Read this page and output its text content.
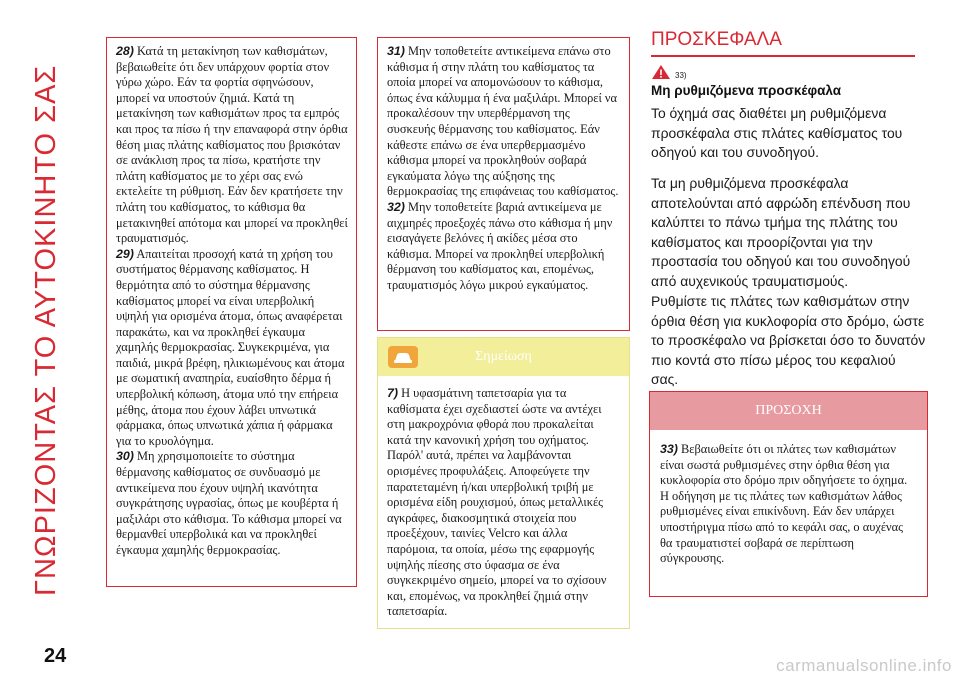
ΓΝΩΡΙΖΟΝΤΑΣ ΤΟ ΑΥΤΟΚΙΝΗΤΟ ΣΑΣ

28) Κατά τη μετακίνηση των καθισμάτων, βεβαιωθείτε ότι δεν υπάρχουν φορτία στον γύρω χώρο. Εάν τα φορτία σφηνώσουν, μπορεί να υποστούν ζημιά. Κατά τη μετακίνηση των καθισμάτων προς τα εμπρός και προς τα πίσω ή την επαναφορά στην όρθια θέση μιας πλάτης καθίσματος που βρισκόταν σε ανάκλιση προς τα πίσω, κρατήστε την πλάτη καθίσματος με το χέρι σας ενώ εκτελείτε τη ρύθμιση. Εάν δεν κρατήσετε την πλάτη του καθίσματος, το κάθισμα θα μετακινηθεί απότομα και μπορεί να προκληθεί τραυματισμός.

29) Απαιτείται προσοχή κατά τη χρήση του συστήματος θέρμανσης καθίσματος. Η θερμότητα από το σύστημα θέρμανσης καθίσματος μπορεί να είναι υπερβολική υψηλή για ορισμένα άτομα, όπως αναφέρεται παρακάτω, και να προκληθεί έγκαυμα χαμηλής θερμοκρασίας. Συγκεκριμένα, για παιδιά, μικρά βρέφη, ηλικιωμένους και άτομα με σωματική αναπηρία, ευαίσθητο δέρμα ή υπερβολική κόπωση, άτομα υπό την επήρεια μέθης, άτομα που έχουν λάβει υπνωτικά φάρμακα, όπως υπνωτικά χάπια ή φάρμακα για το κρυολόγημα.

30) Μη χρησιμοποιείτε το σύστημα θέρμανσης καθίσματος σε συνδυασμό με αντικείμενα που έχουν υψηλή ικανότητα συγκράτησης υγρασίας, όπως με κουβέρτα ή μαξιλάρι στο κάθισμα. Το κάθισμα μπορεί να θερμανθεί υπερβολικά και να προκληθεί έγκαυμα χαμηλής θερμοκρασίας.

31) Μην τοποθετείτε αντικείμενα επάνω στο κάθισμα ή στην πλάτη του καθίσματος τα οποία μπορεί να απομονώσουν το κάθισμα, όπως ένα κάλυμμα ή ένα μαξιλάρι. Μπορεί να προκαλέσουν την υπερθέρμανση της συσκευής θέρμανσης του καθίσματος. Εάν κάθεστε επάνω σε ένα υπερθερμασμένο κάθισμα μπορεί να προκληθούν σοβαρά εγκαύματα λόγω της αύξησης της θερμοκρασίας της επιφάνειας του καθίσματος.

32) Μην τοποθετείτε βαριά αντικείμενα με αιχμηρές προεξοχές πάνω στο κάθισμα ή μην εισαγάγετε βελόνες ή ακίδες μέσα στο κάθισμα. Μπορεί να προκληθεί υπερβολική θέρμανση του καθίσματος και, επομένως, τραυματισμός λόγω μικρού εγκαύματος.

Σημείωση

7) Η υφασμάτινη ταπετσαρία για τα καθίσματα έχει σχεδιαστεί ώστε να αντέχει στη μακροχρόνια φθορά που προκαλείται κατά την κανονική χρήση του οχήματος. Παρόλ' αυτά, πρέπει να λαμβάνονται ορισμένες προφυλάξεις. Αποφεύγετε την παρατεταμένη ή/και υπερβολική τριβή με ορισμένα είδη ρουχισμού, όπως μεταλλικές αγκράφες, διακοσμητικά στοιχεία που προεξέχουν, ταινίες Velcro και άλλα παρόμοια, τα οποία, μέσω της εφαρμογής υψηλής πίεσης στο ύφασμα σε ένα συγκεκριμένο σημείο, μπορεί να το σχίσουν και, επομένως, να προκληθεί ζημιά στην ταπετσαρία.

ΠΡΟΣΚΕΦΑΛΑ
33)
Μη ρυθμιζόμενα προσκέφαλα

Το όχημά σας διαθέτει μη ρυθμιζόμενα προσκέφαλα στις πλάτες καθίσματος του οδηγού και του συνοδηγού.

Τα μη ρυθμιζόμενα προσκέφαλα αποτελούνται από αφρώδη επένδυση που καλύπτει το πάνω τμήμα της πλάτης του καθίσματος και προορίζονται για την προστασία του οδηγού και του συνοδηγού από αυχενικούς τραυματισμούς.

Ρυθμίστε τις πλάτες των καθισμάτων στην όρθια θέση για κυκλοφορία στο δρόμο, ώστε το προσκέφαλο να βρίσκεται όσο το δυνατόν πιο κοντά στο πίσω μέρος του κεφαλιού σας.

ΠΡΟΣΟΧΗ

33) Βεβαιωθείτε ότι οι πλάτες των καθισμάτων είναι σωστά ρυθμισμένες στην όρθια θέση για κυκλοφορία στο δρόμο πριν οδηγήσετε το όχημα. Η οδήγηση με τις πλάτες των καθισμάτων λάθος ρυθμισμένες είναι επικίνδυνη. Εάν δεν υπάρχει υποστήριγμα πίσω από το κεφάλι σας, ο αυχένας θα τραυματιστεί σοβαρά σε περίπτωση σύγκρουσης.

24	carmanualsonline.info
